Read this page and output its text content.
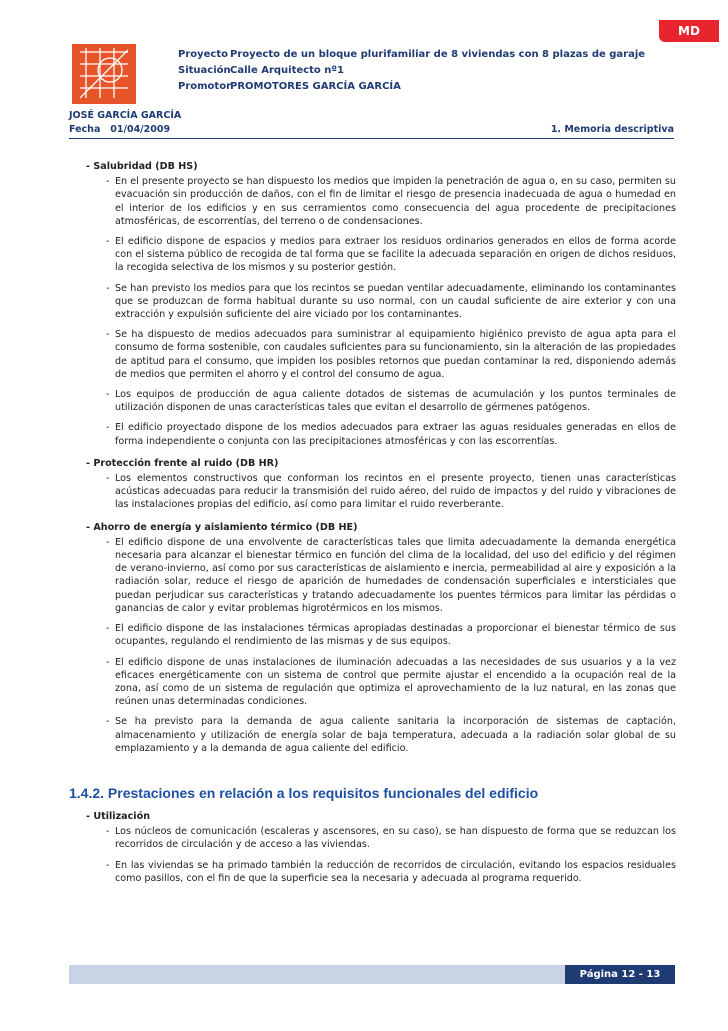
MD
Proyecto Proyecto de un bloque plurifamiliar de 8 viviendas con 8 plazas de garaje
SituaciónCalle Arquitecto nº1
PromotorPROMOTORES GARCÍA GARCÍA
JOSÉ GARCÍA GARCÍA
Fecha   01/04/2009	1. Memoria descriptiva
- Salubridad (DB HS)
- En el presente proyecto se han dispuesto los medios que impiden la penetración de agua o, en su caso, permiten su evacuación sin producción de daños, con el fin de limitar el riesgo de presencia inadecuada de agua o humedad en el interior de los edificios y en sus cerramientos como consecuencia del agua procedente de precipitaciones atmosféricas, de escorrentías, del terreno o de condensaciones.
- El edificio dispone de espacios y medios para extraer los residuos ordinarios generados en ellos de forma acorde con el sistema público de recogida de tal forma que se facilite la adecuada separación en origen de dichos residuos, la recogida selectiva de los mismos y su posterior gestión.
- Se han previsto los medios para que los recintos se puedan ventilar adecuadamente, eliminando los contaminantes que se produzcan de forma habitual durante su uso normal, con un caudal suficiente de aire exterior y con una extracción y expulsión suficiente del aire viciado por los contaminantes.
- Se ha dispuesto de medios adecuados para suministrar al equipamiento higiénico previsto de agua apta para el consumo de forma sostenible, con caudales suficientes para su funcionamiento, sin la alteración de las propiedades de aptitud para el consumo, que impiden los posibles retornos que puedan contaminar la red, disponiendo además de medios que permiten el ahorro y el control del consumo de agua.
- Los equipos de producción de agua caliente dotados de sistemas de acumulación y los puntos terminales de utilización disponen de unas características tales que evitan el desarrollo de gérmenes patógenos.
- El edificio proyectado dispone de los medios adecuados para extraer las aguas residuales generadas en ellos de forma independiente o conjunta con las precipitaciones atmosféricas y con las escorrentías.
- Protección frente al ruido (DB HR)
- Los elementos constructivos que conforman los recintos en el presente proyecto, tienen unas características acústicas adecuadas para reducir la transmisión del ruido aéreo, del ruido de impactos y del ruido y vibraciones de las instalaciones propias del edificio, así como para limitar el ruido reverberante.
- Ahorro de energía y aislamiento térmico (DB HE)
- El edificio dispone de una envolvente de características tales que limita adecuadamente la demanda energética necesaria para alcanzar el bienestar térmico en función del clima de la localidad, del uso del edificio y del régimen de verano-invierno, así como por sus características de aislamiento e inercia, permeabilidad al aire y exposición a la radiación solar, reduce el riesgo de aparición de humedades de condensación superficiales e intersticiales que puedan perjudicar sus características y tratando adecuadamente los puentes térmicos para limitar las pérdidas o ganancias de calor y evitar problemas higrotérmicos en los mismos.
- El edificio dispone de las instalaciones térmicas apropiadas destinadas a proporcionar el bienestar térmico de sus ocupantes, regulando el rendimiento de las mismas y de sus equipos.
- El edificio dispone de unas instalaciones de iluminación adecuadas a las necesidades de sus usuarios y a la vez eficaces energéticamente con un sistema de control que permite ajustar el encendido a la ocupación real de la zona, así como de un sistema de regulación que optimiza el aprovechamiento de la luz natural, en las zonas que reúnen unas determinadas condiciones.
- Se ha previsto para la demanda de agua caliente sanitaria la incorporación de sistemas de captación, almacenamiento y utilización de energía solar de baja temperatura, adecuada a la radiación solar global de su emplazamiento y a la demanda de agua caliente del edificio.
1.4.2. Prestaciones en relación a los requisitos funcionales del edificio
- Utilización
- Los núcleos de comunicación (escaleras y ascensores, en su caso), se han dispuesto de forma que se reduzcan los recorridos de circulación y de acceso a las viviendas.
- En las viviendas se ha primado también la reducción de recorridos de circulación, evitando los espacios residuales como pasillos, con el fin de que la superficie sea la necesaria y adecuada al programa requerido.
Página 12 - 13
